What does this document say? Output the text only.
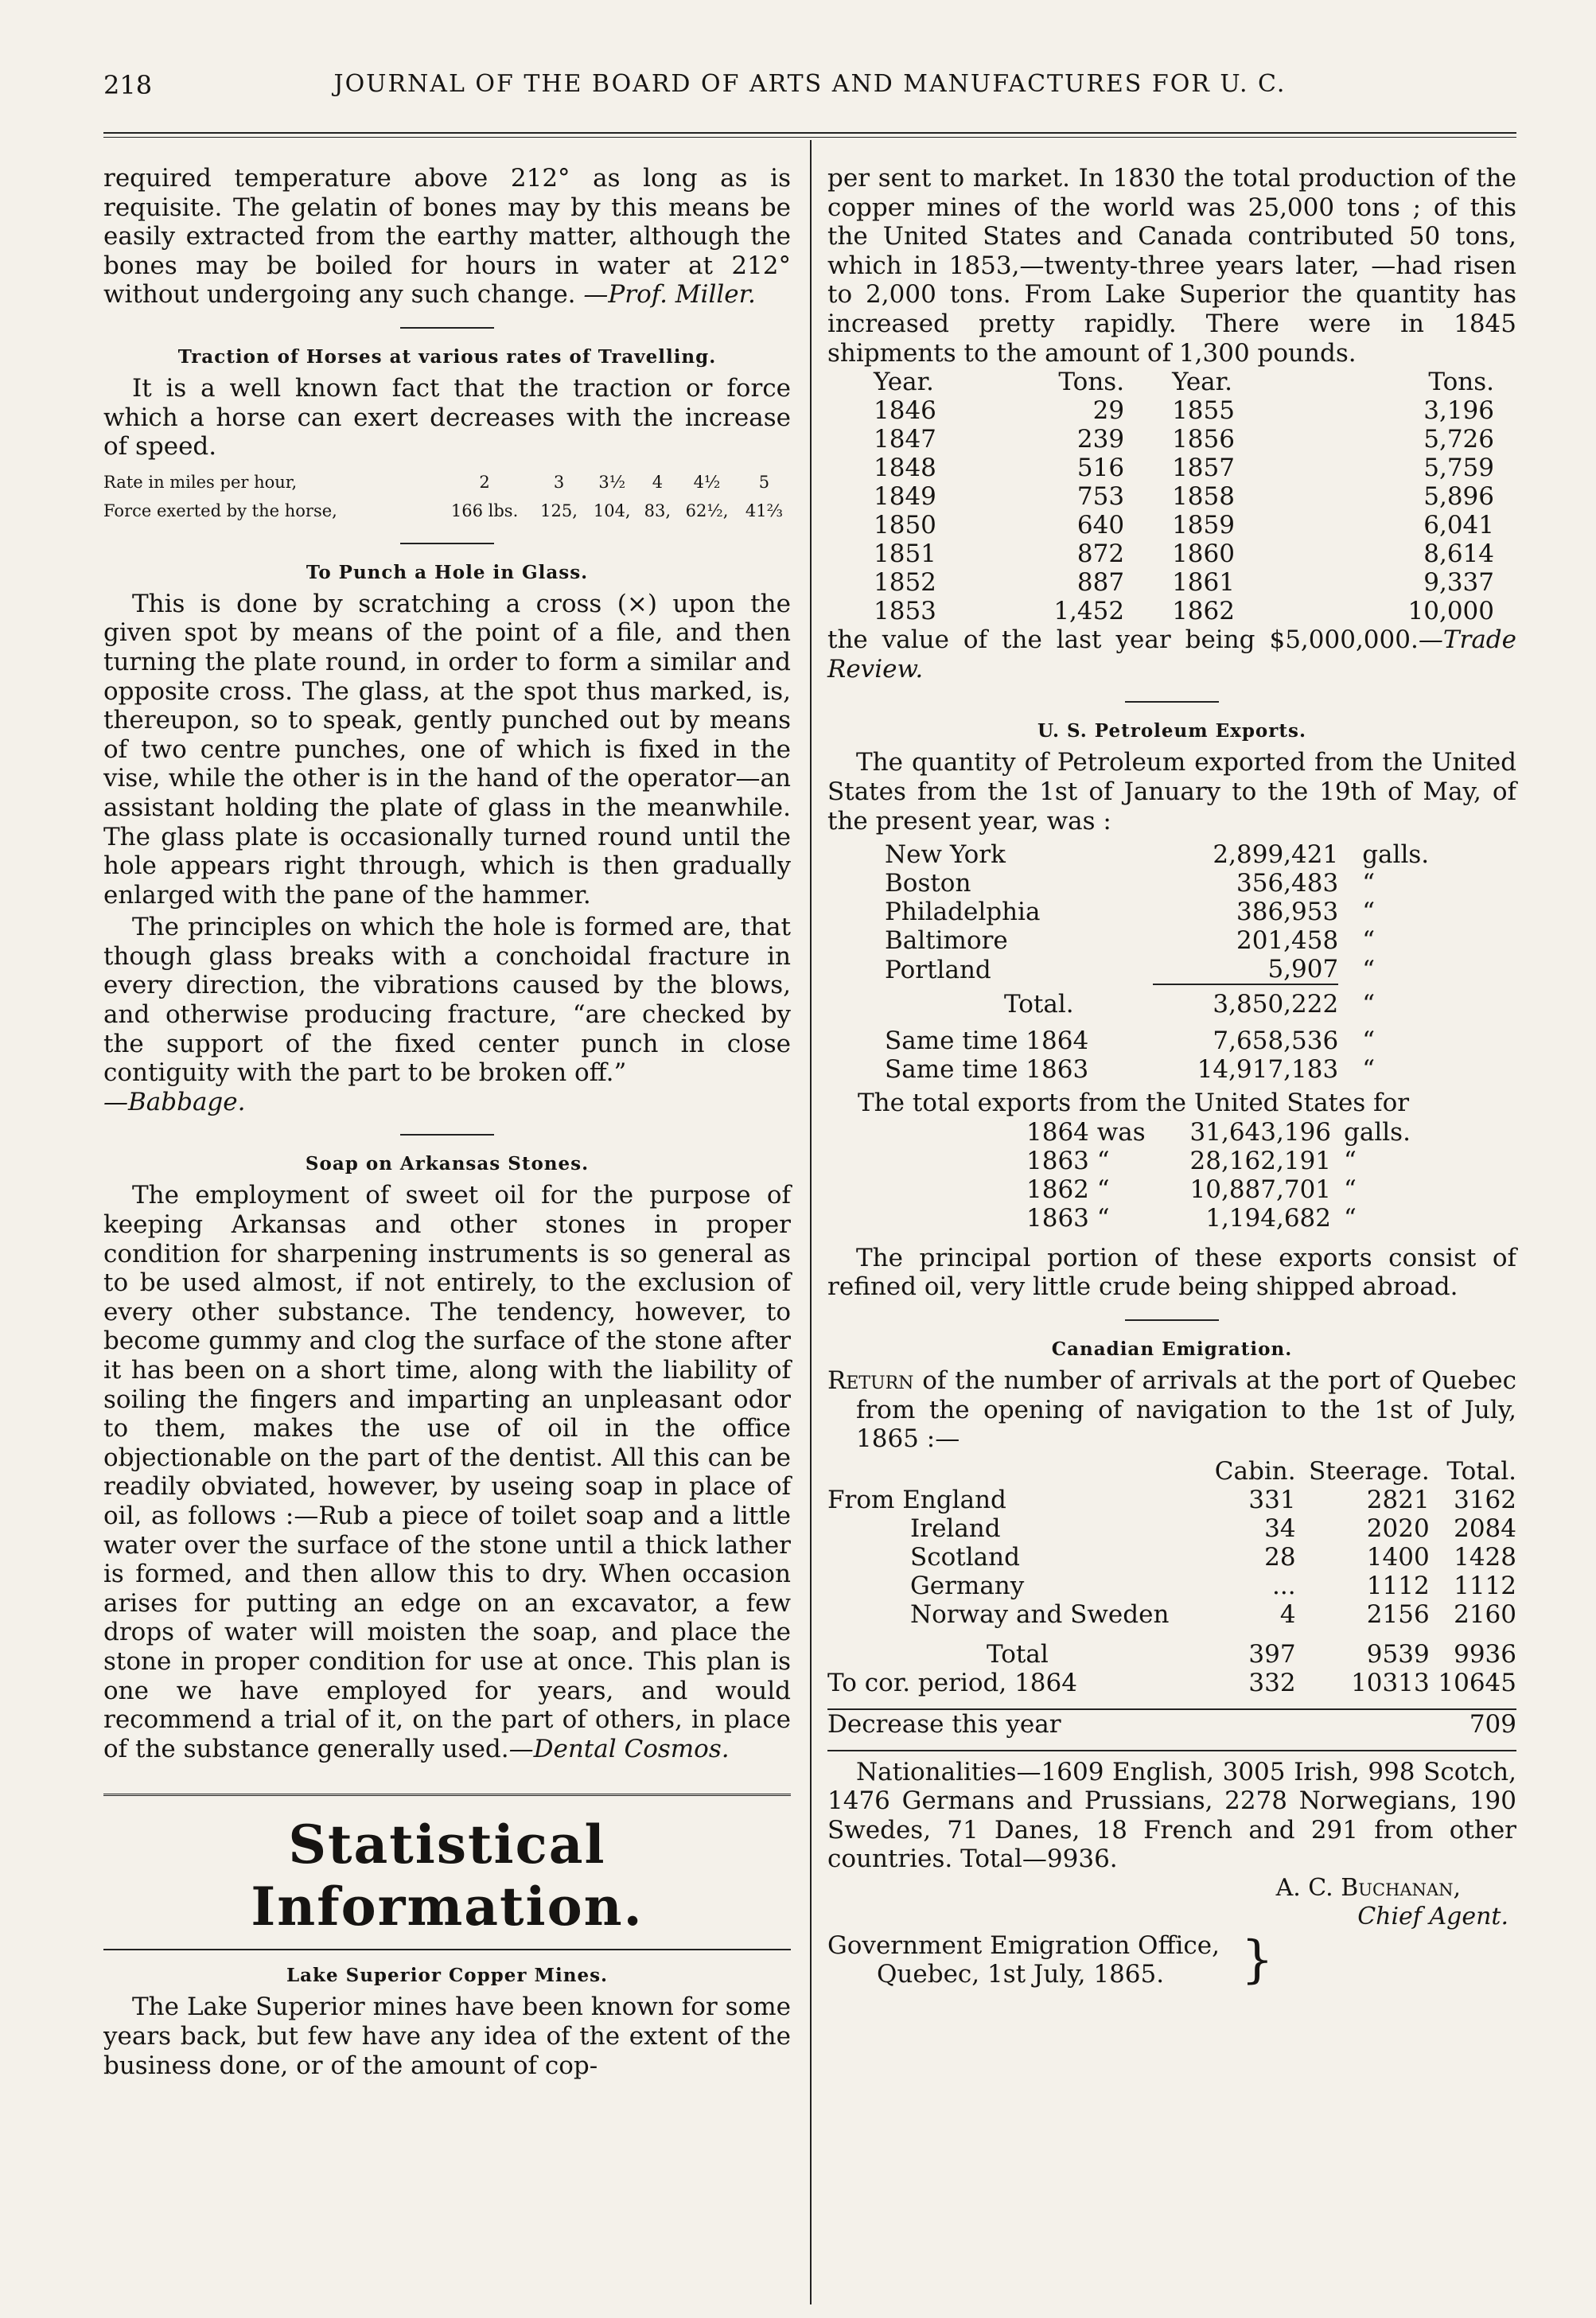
218	JOURNAL OF THE BOARD OF ARTS AND MANUFACTURES FOR U. C.

required temperature above 212° as long as is requisite. The gelatin of bones may by this means be easily extracted from the earthy matter, although the bones may be boiled for hours in water at 212° without undergoing any such change. —Prof. Miller.

Traction of Horses at various rates of Travelling.

It is a well known fact that the traction or force which a horse can exert decreases with the increase of speed.

Rate in miles per hour,	2	3	3½	4	4½	5
Force exerted by the horse,	166 lbs.	125,	104,	83,	62½,	41⅔
To Punch a Hole in Glass.

This is done by scratching a cross (×) upon the given spot by means of the point of a file, and then turning the plate round, in order to form a similar and opposite cross. The glass, at the spot thus marked, is, thereupon, so to speak, gently punched out by means of two centre punches, one of which is fixed in the vise, while the other is in the hand of the operator—an assistant holding the plate of glass in the meanwhile. The glass plate is occasionally turned round until the hole appears right through, which is then gradually enlarged with the pane of the hammer.

The principles on which the hole is formed are, that though glass breaks with a conchoidal fracture in every direction, the vibrations caused by the blows, and otherwise producing fracture, “are checked by the support of the fixed center punch in close contiguity with the part to be broken off.”

—Babbage.

Soap on Arkansas Stones.

The employment of sweet oil for the purpose of keeping Arkansas and other stones in proper condition for sharpening instruments is so general as to be used almost, if not entirely, to the exclusion of every other substance. The tendency, however, to become gummy and clog the surface of the stone after it has been on a short time, along with the liability of soiling the fingers and imparting an unpleasant odor to them, makes the use of oil in the office objectionable on the part of the dentist. All this can be readily obviated, however, by useing soap in place of oil, as follows :—Rub a piece of toilet soap and a little water over the surface of the stone until a thick lather is formed, and then allow this to dry. When occasion arises for putting an edge on an excavator, a few drops of water will moisten the soap, and place the stone in proper condition for use at once. This plan is one we have employed for years, and would recommend a trial of it, on the part of others, in place of the substance generally used.—Dental Cosmos.

Statistical Information.
Lake Superior Copper Mines.

The Lake Superior mines have been known for some years back, but few have any idea of the extent of the business done, or of the amount of cop-

per sent to market. In 1830 the total production of the copper mines of the world was 25,000 tons ; of this the United States and Canada contributed 50 tons, which in 1853,—twenty-three years later, —had risen to 2,000 tons. From Lake Superior the quantity has increased pretty rapidly. There were in 1845 shipments to the amount of 1,300 pounds.

Year.	Tons.	Year.	Tons.
1846	29	1855	3,196
1847	239	1856	5,726
1848	516	1857	5,759
1849	753	1858	5,896
1850	640	1859	6,041
1851	872	1860	8,614
1852	887	1861	9,337
1853	1,452	1862	10,000

the value of the last year being $5,000,000.—Trade Review.

U. S. Petroleum Exports.

The quantity of Petroleum exported from the United States from the 1st of January to the 19th of May, of the present year, was :

New York	2,899,421	galls.
Boston	356,483	“
Philadelphia	386,953	“
Baltimore	201,458	“
Portland	5,907	“

Total.	3,850,222	“

Same time 1864	7,658,536	“
Same time 1863	14,917,183	“

The total exports from the United States for

1864 was	31,643,196	galls.
1863 “	28,162,191	“
1862 “	10,887,701	“
1863 “	1,194,682	“

The principal portion of these exports consist of refined oil, very little crude being shipped abroad.

Canadian Emigration.

Return of the number of arrivals at the port of Quebec from the opening of navigation to the 1st of July, 1865 :—

	Cabin.	Steerage.	Total.
From England	331	2821	3162
Ireland	34	2020	2084
Scotland	28	1400	1428
Germany	...	1112	1112
Norway and Sweden	4	2156	2160

Total	397	9539	9936
To cor. period, 1864	332	10313	10645

Decrease this year			709

Nationalities—1609 English, 3005 Irish, 998 Scotch, 1476 Germans and Prussians, 2278 Norwegians, 190 Swedes, 71 Danes, 18 French and 291 from other countries. Total—9936.

A. C. Buchanan,
Chief Agent.
Government Emigration Office,
Quebec, 1st July, 1865.	}
